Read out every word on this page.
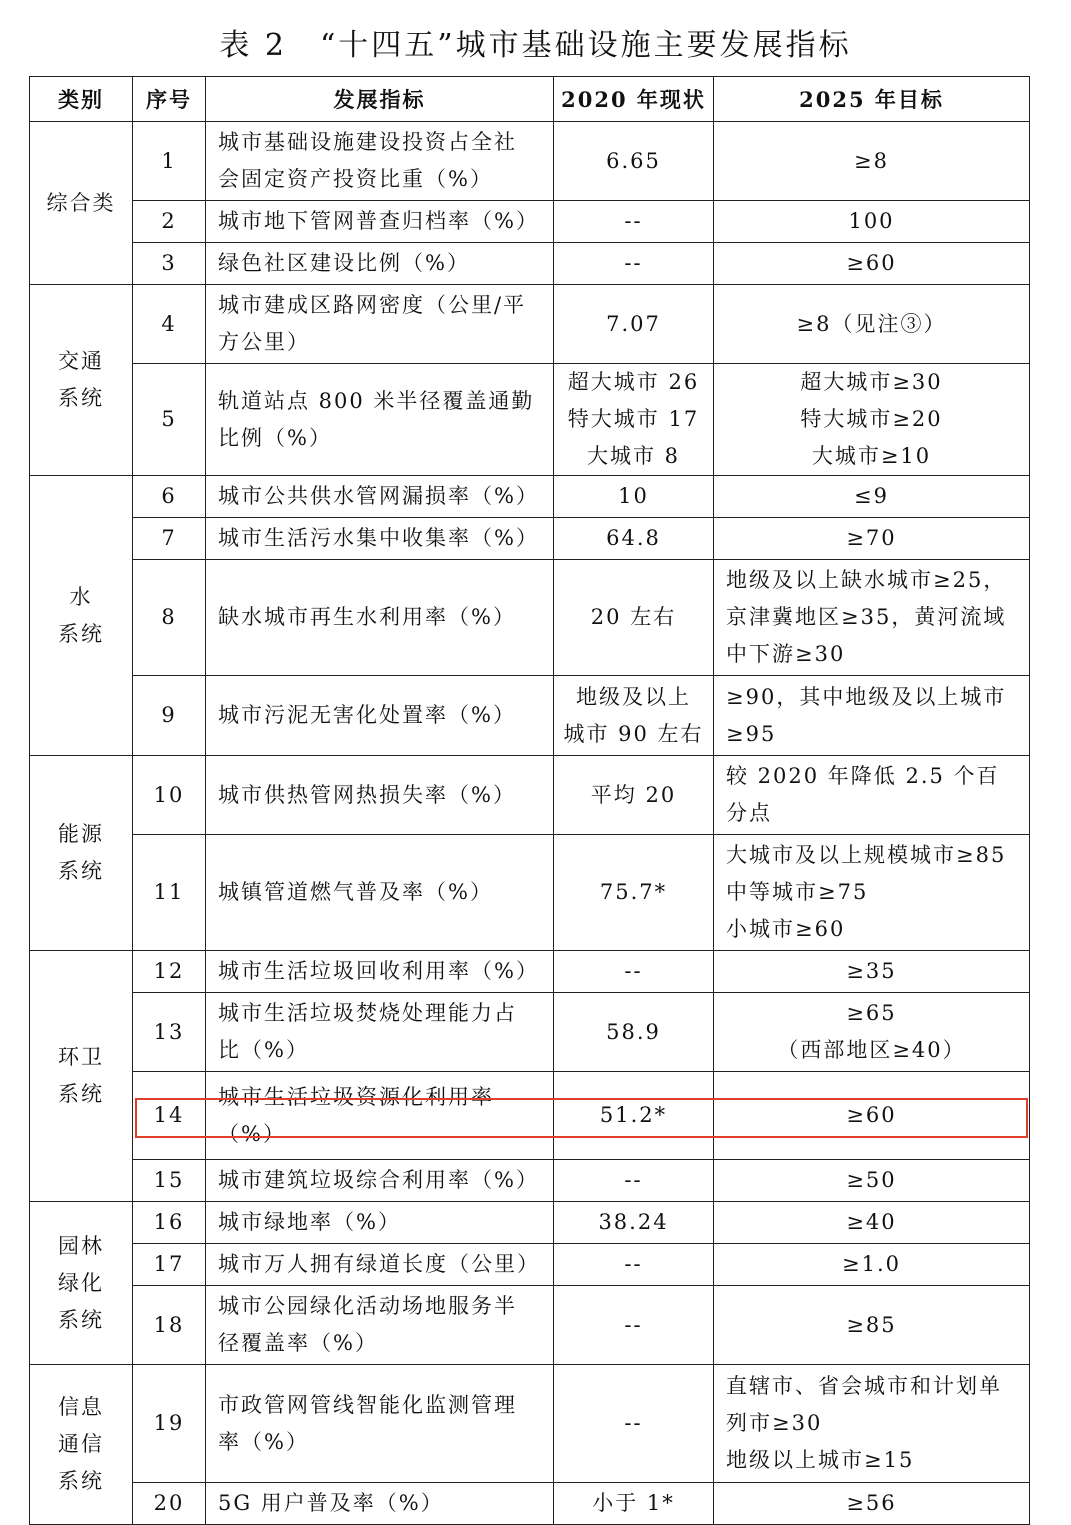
表 2　“十四五”城市基础设施主要发展指标
类别	序号	发展指标	2020 年现状	2025 年目标

综合类	1	城市基础设施建设投资占全社
会固定资产投资比重（%）	6.65	≥8

	2	城市地下管网普查归档率（%）	--	100

	3	绿色社区建设比例（%）	--	≥60

交通
系统	4	城市建成区路网密度（公里/平
方公里）	7.07	≥8（见注③）

	5	轨道站点 800 米半径覆盖通勤
比例（%）	超大城市 26
特大城市 17
大城市 8	超大城市≥30
特大城市≥20
大城市≥10

水
系统	6	城市公共供水管网漏损率（%）	10	≤9

	7	城市生活污水集中收集率（%）	64.8	≥70

	8	缺水城市再生水利用率（%）	20 左右	地级及以上缺水城市≥25，
京津冀地区≥35，黄河流域
中下游≥30

	9	城市污泥无害化处置率（%）	地级及以上
城市 90 左右	≥90，其中地级及以上城市
≥95

能源
系统	10	城市供热管网热损失率（%）	平均 20	较 2020 年降低 2.5 个百分点

	11	城镇管道燃气普及率（%）	75.7*	大城市及以上规模城市≥85
中等城市≥75
小城市≥60

环卫
系统	12	城市生活垃圾回收利用率（%）	--	≥35

	13	城市生活垃圾焚烧处理能力占
比（%）	58.9	≥65
（西部地区≥40）

	14	城市生活垃圾资源化利用率
（%）	51.2*	≥60

	15	城市建筑垃圾综合利用率（%）	--	≥50

园林
绿化
系统	16	城市绿地率（%）	38.24	≥40

	17	城市万人拥有绿道长度（公里）	--	≥1.0

	18	城市公园绿化活动场地服务半
径覆盖率（%）	--	≥85

信息
通信
系统	19	市政管网管线智能化监测管理
率（%）	--	直辖市、省会城市和计划单
列市≥30
地级以上城市≥15

	20	5G 用户普及率（%）	小于 1*	≥56
